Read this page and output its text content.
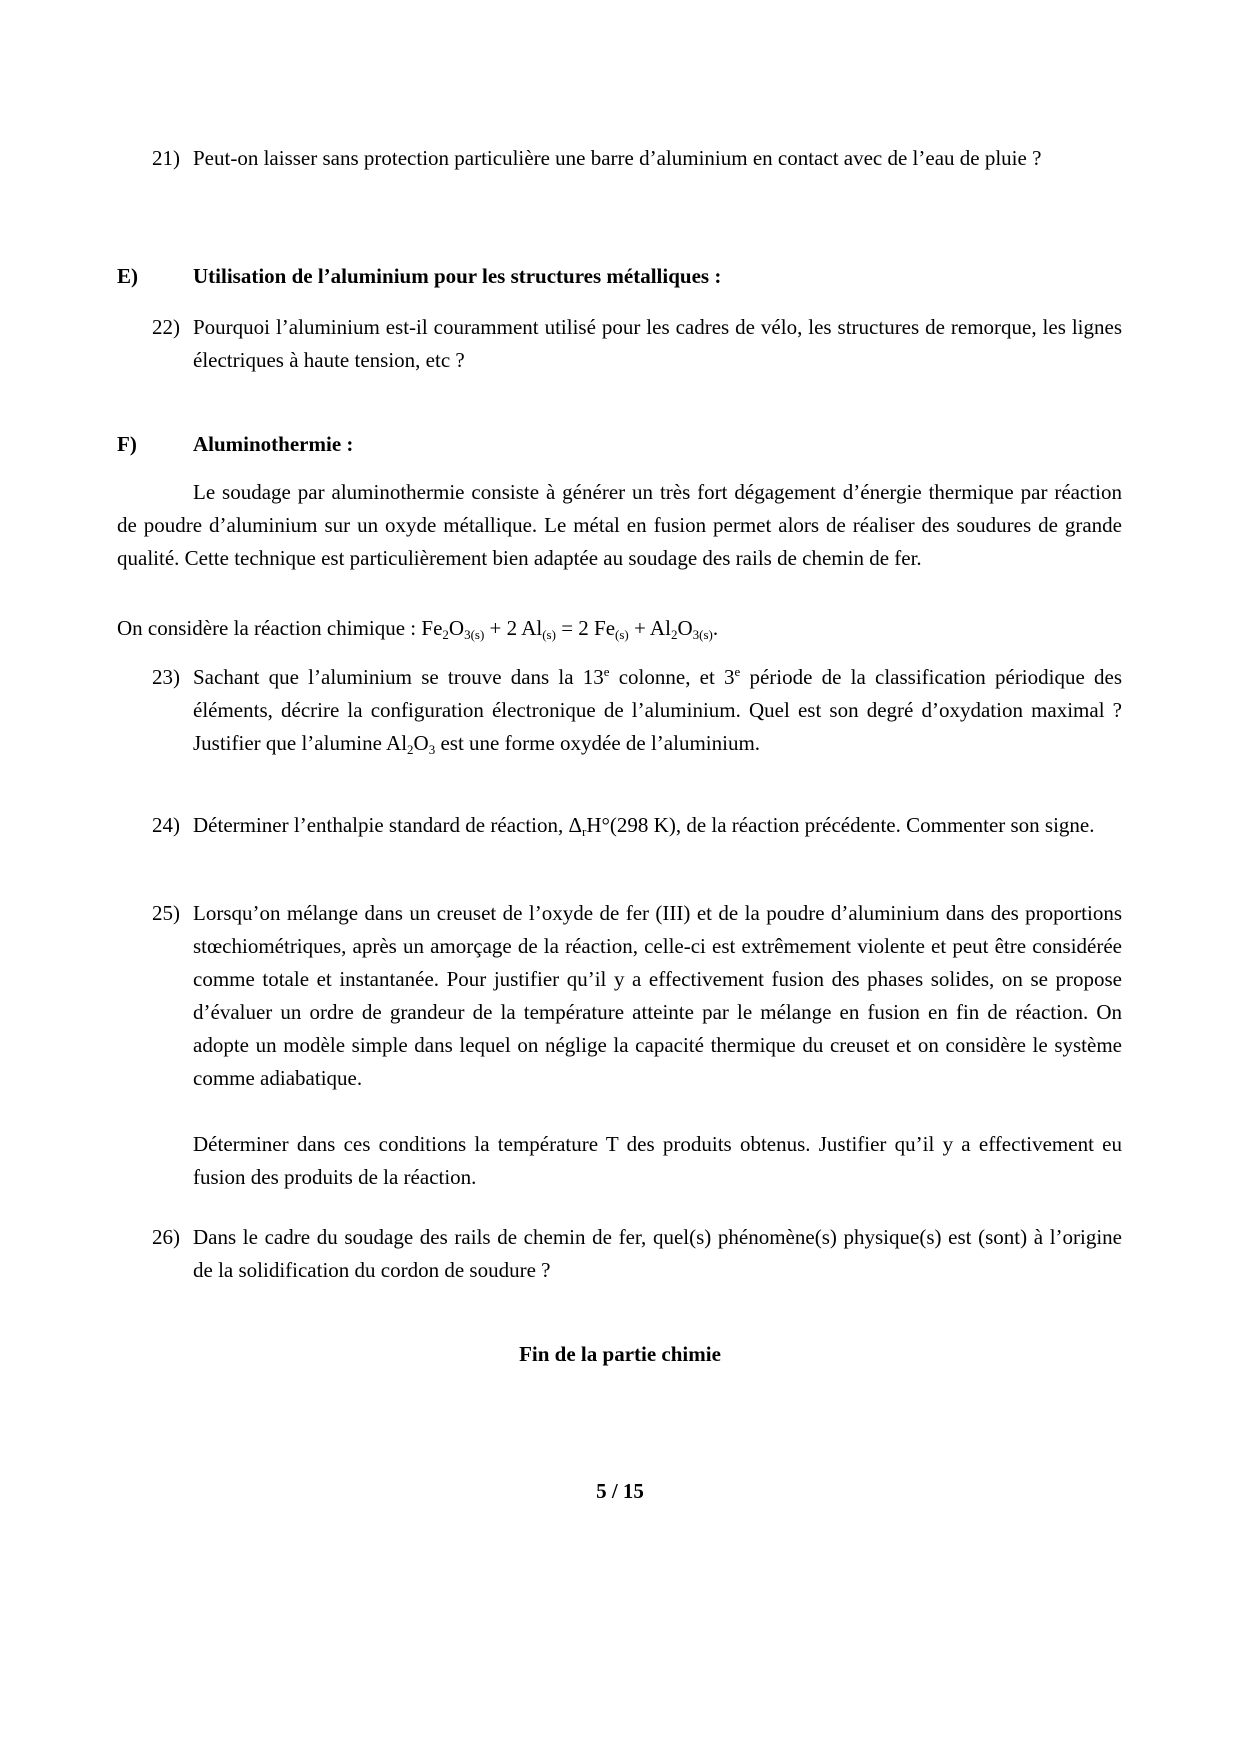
21) Peut-on laisser sans protection particulière une barre d’aluminium en contact avec de l’eau de pluie ?

E)	Utilisation de l’aluminium pour les structures métalliques :
22) Pourquoi l’aluminium est-il couramment utilisé pour les cadres de vélo, les structures de remorque, les lignes électriques à haute tension, etc ?

F)	Aluminothermie :
Le soudage par aluminothermie consiste à générer un très fort dégagement d’énergie thermique par réaction de poudre d’aluminium sur un oxyde métallique. Le métal en fusion permet alors de réaliser des soudures de grande qualité. Cette technique est particulièrement bien adaptée au soudage des rails de chemin de fer.
On considère la réaction chimique : $Fe_2O_{3(s)} + 2$ $Al_{(s)} = 2$ $Fe_{(s)} + Al_2O_{3(s)}$.
23) Sachant que l’aluminium se trouve dans la 13e colonne, et 3e période de la classification périodique des éléments, décrire la configuration électronique de l’aluminium. Quel est son degré d’oxydation maximal ? Justifier que l’alumine $Al_2O_3$ est une forme oxydée de l’aluminium.

24) Déterminer l’enthalpie standard de réaction, $\Delta_rH^\circ(298$ K), de la réaction précédente. Commenter son signe.

25) Lorsqu’on mélange dans un creuset de l’oxyde de fer (III) et de la poudre d’aluminium dans des proportions stœchiométriques, après un amorçage de la réaction, celle-ci est extrêmement violente et peut être considérée comme totale et instantanée. Pour justifier qu’il y a effectivement fusion des phases solides, on se propose d’évaluer un ordre de grandeur de la température atteinte par le mélange en fusion en fin de réaction. On adopte un modèle simple dans lequel on néglige la capacité thermique du creuset et on considère le système comme adiabatique.

Déterminer dans ces conditions la température T des produits obtenus. Justifier qu’il y a effectivement eu fusion des produits de la réaction.

26) Dans le cadre du soudage des rails de chemin de fer, quel(s) phénomène(s) physique(s) est (sont) à l’origine de la solidification du cordon de soudure ?

Fin de la partie chimie
5 / 15
